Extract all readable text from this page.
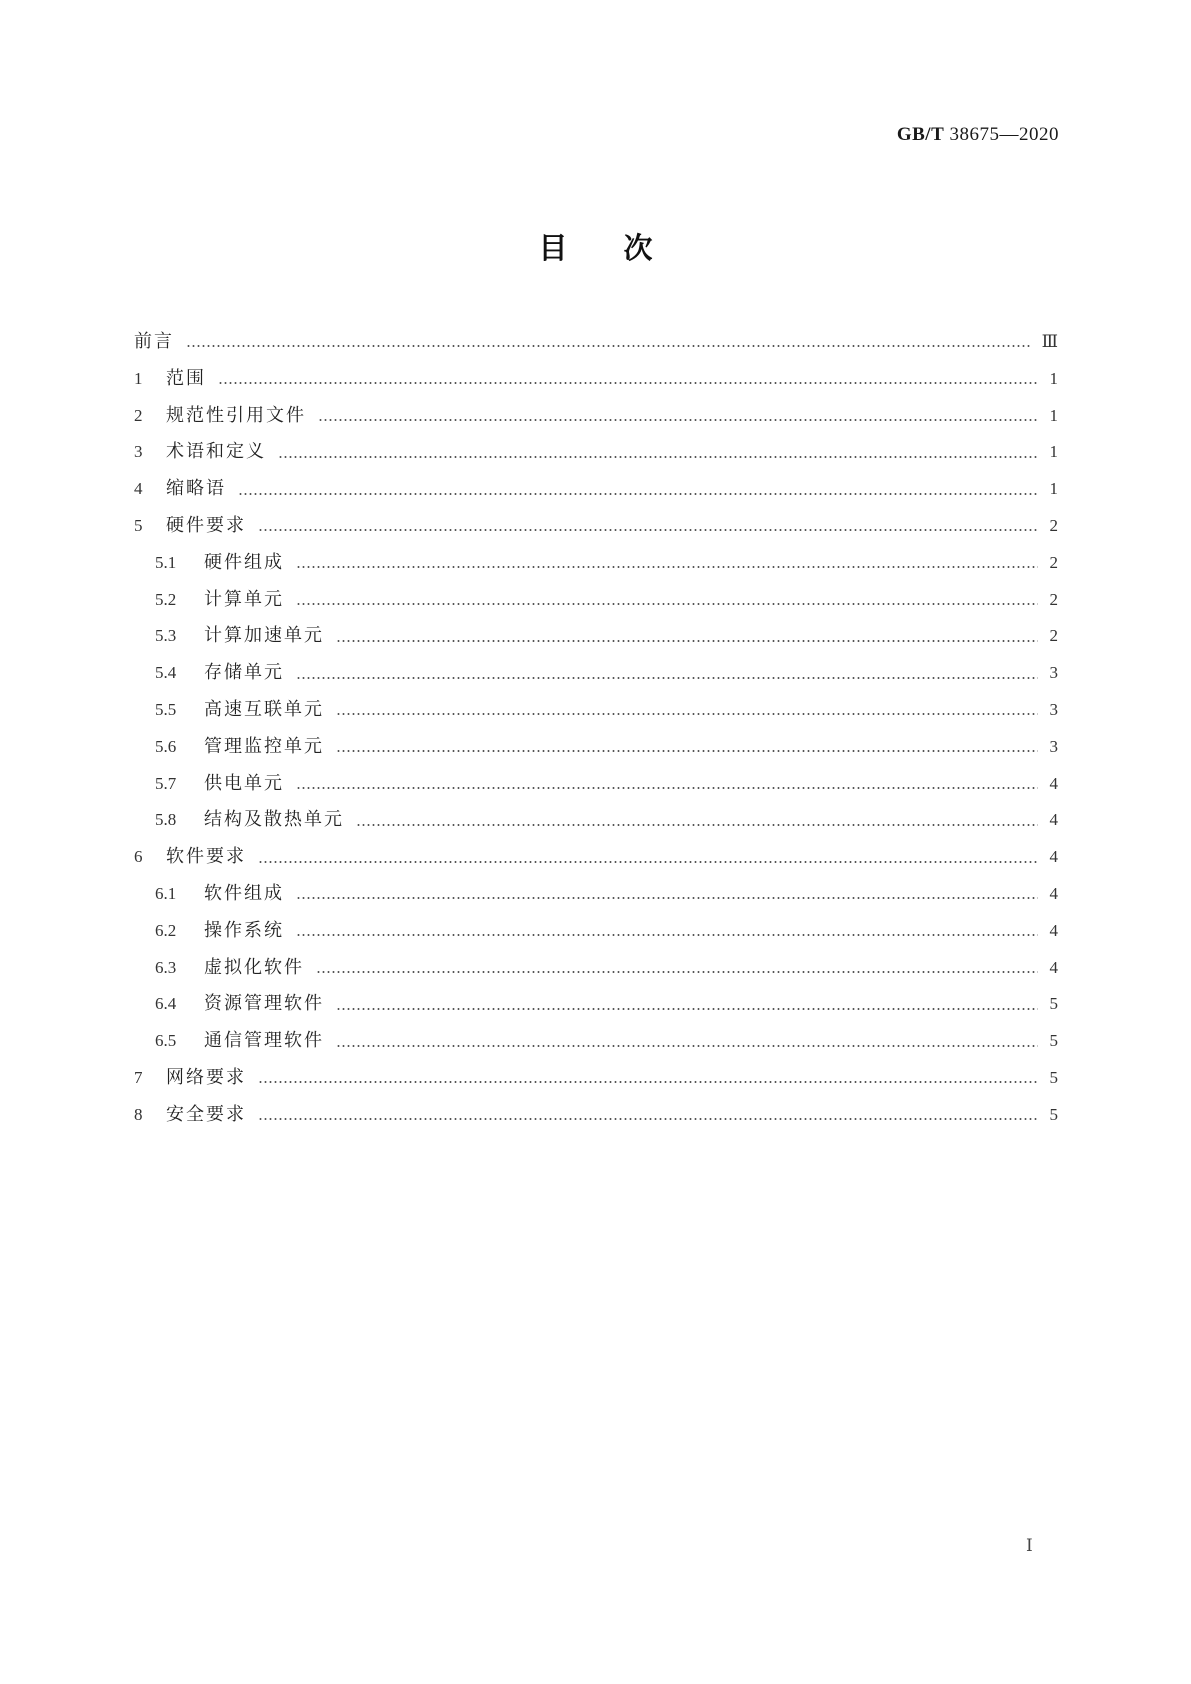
GB/T 38675—2020
目次
前言	Ⅲ
1	范围	1
2	规范性引用文件	1
3	术语和定义	1
4	缩略语	1
5	硬件要求	2
5.1	硬件组成	2
5.2	计算单元	2
5.3	计算加速单元	2
5.4	存储单元	3
5.5	高速互联单元	3
5.6	管理监控单元	3
5.7	供电单元	4
5.8	结构及散热单元	4
6	软件要求	4
6.1	软件组成	4
6.2	操作系统	4
6.3	虚拟化软件	4
6.4	资源管理软件	5
6.5	通信管理软件	5
7	网络要求	5
8	安全要求	5
Ⅰ
